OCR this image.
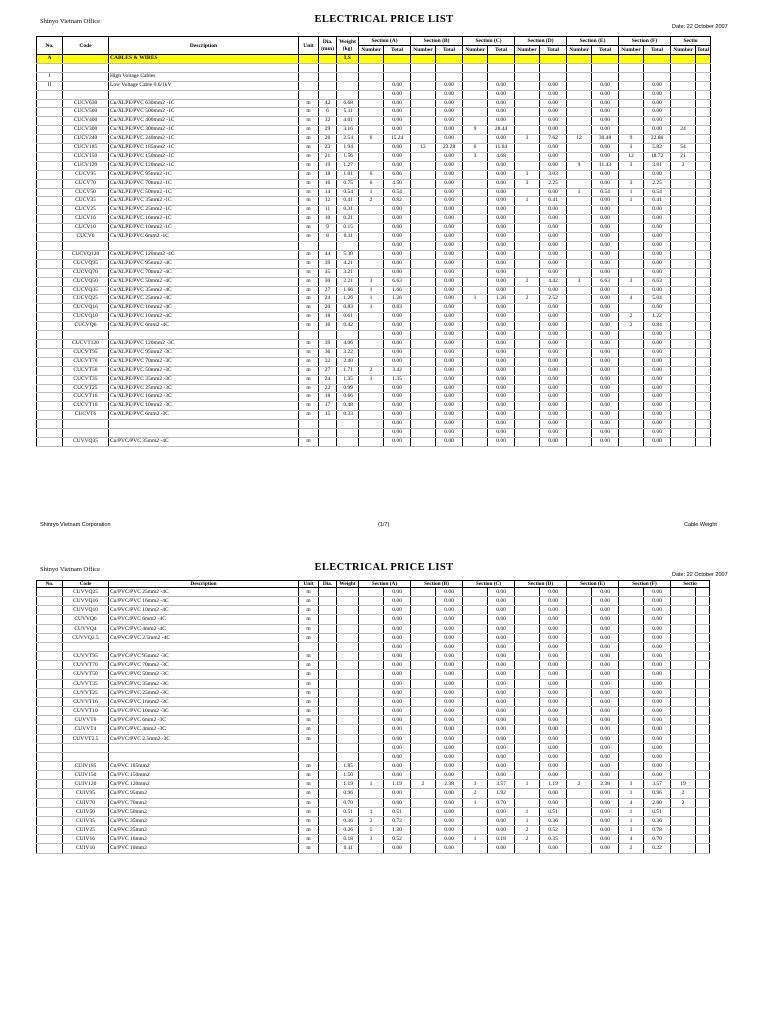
Shinyo Vietnam Office	ELECTRICAL PRICE LIST
Date: 22 October 2007
No.	Code	Description	Unit	Dia. (mm)	Weight (kg)	Section (A)		Section (B)		Section (C)		Section (D)		Section (E)		Section (F)		Sectio	
						Number	Total	Number	Total	Number	Total	Number	Total	Number	Total	Number	Total	Number	Total
A		CABLES & WIRES			LS														

I		High Voltage Cables																	
II		Low Voltage Cable 0.6/1kV					0.00		0.00		0.00		0.00		0.00		0.00		
							0.00		0.00		0.00		0.00		0.00		0.00		
	CUCV630	Cu/XLPE/PVC 630mm2 -1C	m	42	6.68		0.00		0.00		0.00		0.00		0.00		0.00		
	CUCV500	Cu/XLPE/PVC 500mm2 -1C	m	6	5.11		0.00		0.00		0.00		0.00		0.00		0.00		
	CUCV400	Cu/XLPE/PVC 400mm2 -1C	m	32	4.01		0.00		0.00		0.00		0.00		0.00		0.00		
	CUCV300	Cu/XLPE/PVC 300mm2 -1C	m	29	3.16		0.00		0.00	9	28.44		0.00		0.00		0.00	24	
	CUCV240	Cu/XLPE/PVC 240mm2 -1C	m	26	2.54	6	15.24		0.00		0.00	3	7.62	12	30.48	9	22.86		
	CUCV185	Cu/XLPE/PVC 185mm2 -1C	m	23	1.94		0.00	12	23.28	6	11.64		0.00		0.00	3	5.82	54	
	CUCV150	Cu/XLPE/PVC 150mm2 -1C	m	21	1.56		0.00		0.00	3	4.68		0.00		0.00	12	18.72	21	
	CUCV120	Cu/XLPE/PVC 120mm2 -1C	m	19	1.27		0.00		0.00		0.00		0.00	9	11.43	3	3.81	3	
	CUCV95	Cu/XLPE/PVC 95mm2 -1C	m	18	1.01	6	6.06		0.00		0.00	3	3.03		0.00		0.00		
	CUCV70	Cu/XLPE/PVC 70mm2 -1C	m	16	0.75	6	4.50		0.00		0.00	3	2.25		0.00	3	2.25		
	CUCV50	Cu/XLPE/PVC 50mm2 -1C	m	14	0.54	1	0.54		0.00		0.00		0.00	1	0.54	1	0.54		
	CUCV35	Cu/XLPE/PVC 35mm2 -1C	m	12	0.41	2	0.82		0.00		0.00	1	0.41		0.00	1	0.41		
	CUCV25	Cu/XLPE/PVC 25mm2 -1C	m	11	0.31		0.00		0.00		0.00		0.00		0.00		0.00		
	CUCV16	Cu/XLPE/PVC 16mm2 -1C	m	10	0.21		0.00		0.00		0.00		0.00		0.00		0.00		
	CUCV10	Cu/XLPE/PVC 10mm2 -1C	m	9	0.15		0.00		0.00		0.00		0.00		0.00		0.00		
	CUCV6	Cu/XLPE/PVC 6mm2 -1C	m	8	0.11		0.00		0.00		0.00		0.00		0.00		0.00		
							0.00		0.00		0.00		0.00		0.00		0.00		
	CUCVQ120	Cu/XLPE/PVC 120mm2 -4C	m	44	5.30		0.00		0.00		0.00		0.00		0.00		0.00		
	CUCVQ95	Cu/XLPE/PVC 95mm2 -4C	m	39	4.21		0.00		0.00		0.00		0.00		0.00		0.00		
	CUCVQ70	Cu/XLPE/PVC 70mm2 -4C	m	35	3.21		0.00		0.00		0.00		0.00		0.00		0.00		
	CUCVQ50	Cu/XLPE/PVC 50mm2 -4C	m	30	2.21	3	6.63		0.00		0.00	2	4.42	3	6.63	3	6.63		
	CUCVQ35	Cu/XLPE/PVC 35mm2 -4C	m	27	1.66	1	1.66		0.00		0.00		0.00		0.00		0.00		
	CUCVQ25	Cu/XLPE/PVC 25mm2 -4C	m	24	1.26	1	1.26		0.00	1	1.26	2	2.52		0.00	4	5.04		
	CUCVQ16	Cu/XLPE/PVC 16mm2 -4C	m	20	0.83	1	0.83		0.00		0.00		0.00		0.00		0.00		
	CUCVQ10	Cu/XLPE/PVC 10mm2 -4C	m	18	0.61		0.00		0.00		0.00		0.00		0.00	2	1.22		
	CUCVQ6	Cu/XLPE/PVC 6mm2 -4C	m	16	0.42		0.00		0.00		0.00		0.00		0.00	2	0.84		
							0.00		0.00		0.00		0.00		0.00		0.00		
	CUCVT120	Cu/XLPE/PVC 120mm2 -3C	m	39	4.06		0.00		0.00		0.00		0.00		0.00		0.00		
	CUCVT95	Cu/XLPE/PVC 95mm2 -3C	m	36	3.22		0.00		0.00		0.00		0.00		0.00		0.00		
	CUCVT70	Cu/XLPE/PVC 70mm2 -3C	m	32	2.40		0.00		0.00		0.00		0.00		0.00		0.00		
	CUCVT50	Cu/XLPE/PVC 50mm2 -3C	m	27	1.71	2	3.42		0.00		0.00		0.00		0.00		0.00		
	CUCVT35	Cu/XLPE/PVC 35mm2 -3C	m	24	1.35	1	1.35		0.00		0.00		0.00		0.00		0.00		
	CUCVT25	Cu/XLPE/PVC 25mm2 -3C	m	22	0.99		0.00		0.00		0.00		0.00		0.00		0.00		
	CUCVT16	Cu/XLPE/PVC 16mm2 -3C	m	18	0.66		0.00		0.00		0.00		0.00		0.00		0.00		
	CUCVT10	Cu/XLPE/PVC 10mm2 -3C	m	17	0.48		0.00		0.00		0.00		0.00		0.00		0.00		
	CUCVT6	Cu/XLPE/PVC 6mm2 -3C	m	15	0.33		0.00		0.00		0.00		0.00		0.00		0.00		
							0.00		0.00		0.00		0.00		0.00		0.00		
							0.00		0.00		0.00		0.00		0.00		0.00		
	CUVVQ35	Cu/PVC/PVC 35mm2 -4C	m				0.00		0.00		0.00		0.00		0.00		0.00		
Shinryo Vietnam Corporation	(1/7)	Cable Weight
Shinyo Vietnam Office	ELECTRICAL PRICE LIST
Date: 22 October 2007
No.	Code	Description	Unit	Dia.	Weight	Section (A)		Section (B)		Section (C)		Section (D)		Section (E)		Section (F)		Sectio	
	CUVVQ25	Cu/PVC/PVC 25mm2 -4C	m				0.00		0.00		0.00		0.00		0.00		0.00		
	CUVVQ16	Cu/PVC/PVC 16mm2 -4C	m				0.00		0.00		0.00		0.00		0.00		0.00		
	CUVVQ10	Cu/PVC/PVC 10mm2 -4C	m				0.00		0.00		0.00		0.00		0.00		0.00		
	CUVVQ6	Cu/PVC/PVC 6mm2 -4C	m				0.00		0.00		0.00		0.00		0.00		0.00		
	CUVVQ4	Cu/PVC/PVC 4mm2 -4C	m				0.00		0.00		0.00		0.00		0.00		0.00		
	CUVVQ2.5	Cu/PVC/PVC 2.5mm2 -4C	m				0.00		0.00		0.00		0.00		0.00		0.00		
							0.00		0.00		0.00		0.00		0.00		0.00		
	CUVVT95	Cu/PVC/PVC 95mm2 -3C	m				0.00		0.00		0.00		0.00		0.00		0.00		
	CUVVT70	Cu/PVC/PVC 70mm2 -3C	m				0.00		0.00		0.00		0.00		0.00		0.00		
	CUVVT50	Cu/PVC/PVC 50mm2 -3C	m				0.00		0.00		0.00		0.00		0.00		0.00		
	CUVVT35	Cu/PVC/PVC 35mm2 -3C	m				0.00		0.00		0.00		0.00		0.00		0.00		
	CUVVT25	Cu/PVC/PVC 25mm2 -3C	m				0.00		0.00		0.00		0.00		0.00		0.00		
	CUVVT16	Cu/PVC/PVC 16mm2 -3C	m				0.00		0.00		0.00		0.00		0.00		0.00		
	CUVVT10	Cu/PVC/PVC 10mm2 -3C	m				0.00		0.00		0.00		0.00		0.00		0.00		
	CUVVT6	Cu/PVC/PVC 6mm2 -3C	m				0.00		0.00		0.00		0.00		0.00		0.00		
	CUVVT4	Cu/PVC/PVC 4mm2 -3C	m				0.00		0.00		0.00		0.00		0.00		0.00		
	CUVVT2.5	Cu/PVC/PVC 2.5mm2 -3C	m				0.00		0.00		0.00		0.00		0.00		0.00		
							0.00		0.00		0.00		0.00		0.00		0.00		
							0.00		0.00		0.00		0.00		0.00		0.00		
	CUIV185	Cu/PVC 185mm2	m		1.85		0.00		0.00		0.00		0.00		0.00		0.00		
	CUIV150	Cu/PVC 150mm2	m		1.50		0.00		0.00		0.00		0.00		0.00		0.00		
	CUIV120	Cu/PVC 120mm2	m		1.19	1	1.19	2	2.38	3	3.57	1	1.19	2	2.38	3	3.57	19	
	CUIV95	Cu/PVC 95mm2	m		0.96		0.00		0.00	2	1.92		0.00		0.00	1	0.96	2	
	CUIV70	Cu/PVC 70mm2	m		0.70		0.00		0.00	1	0.70		0.00		0.00	4	2.80	2	
	CUIV50	Cu/PVC 50mm2	m		0.51	1	0.51		0.00		0.00	1	0.51		0.00	1	0.51		
	CUIV35	Cu/PVC 35mm2	m		0.36	2	0.72		0.00		0.00	1	0.36		0.00	1	0.36		
	CUIV25	Cu/PVC 25mm2	m		0.26	5	1.30		0.00		0.00	2	0.52		0.00	3	0.78		
	CUIV16	Cu/PVC 16mm2	m		0.18	3	0.52		0.00	1	0.18	2	0.35		0.00	4	0.70		
	CUIV10	Cu/PVC 10mm2	m		0.11		0.00		0.00		0.00		0.00		0.00	2	0.22		
